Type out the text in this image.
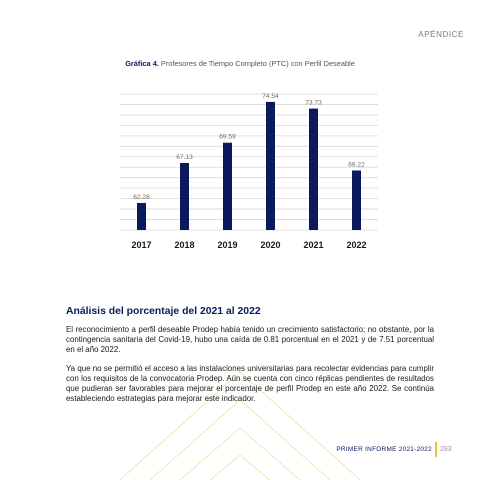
APÉNDICE
Gráfica 4. Profesores de Tiempo Completo (PTC) con Perfil Deseable
62.28
2017
67.13
2018
69.59
2019
74.54
2020
73.73
2021
66.22
2022
Análisis del porcentaje del 2021 al 2022

El reconocimiento a perfil deseable Prodep había tenido un crecimiento satisfactorio; no obstante, por la contingencia sanitaria del Covid-19, hubo una caída de 0.81 porcentual en el 2021 y de 7.51 porcentual en el año 2022.

Ya que no se permitió el acceso a las instalaciones universitarias para recolectar evidencias para cumplir con los requisitos de la convocatoria Prodep. Aún se cuenta con cinco réplicas pendientes de resultados que pudieran ser favorables para mejorar el porcentaje de perfil Prodep en este año 2022. Se continúa estableciendo estrategias para mejorar este indicador.

PRIMER INFORME 2021-2022 283
